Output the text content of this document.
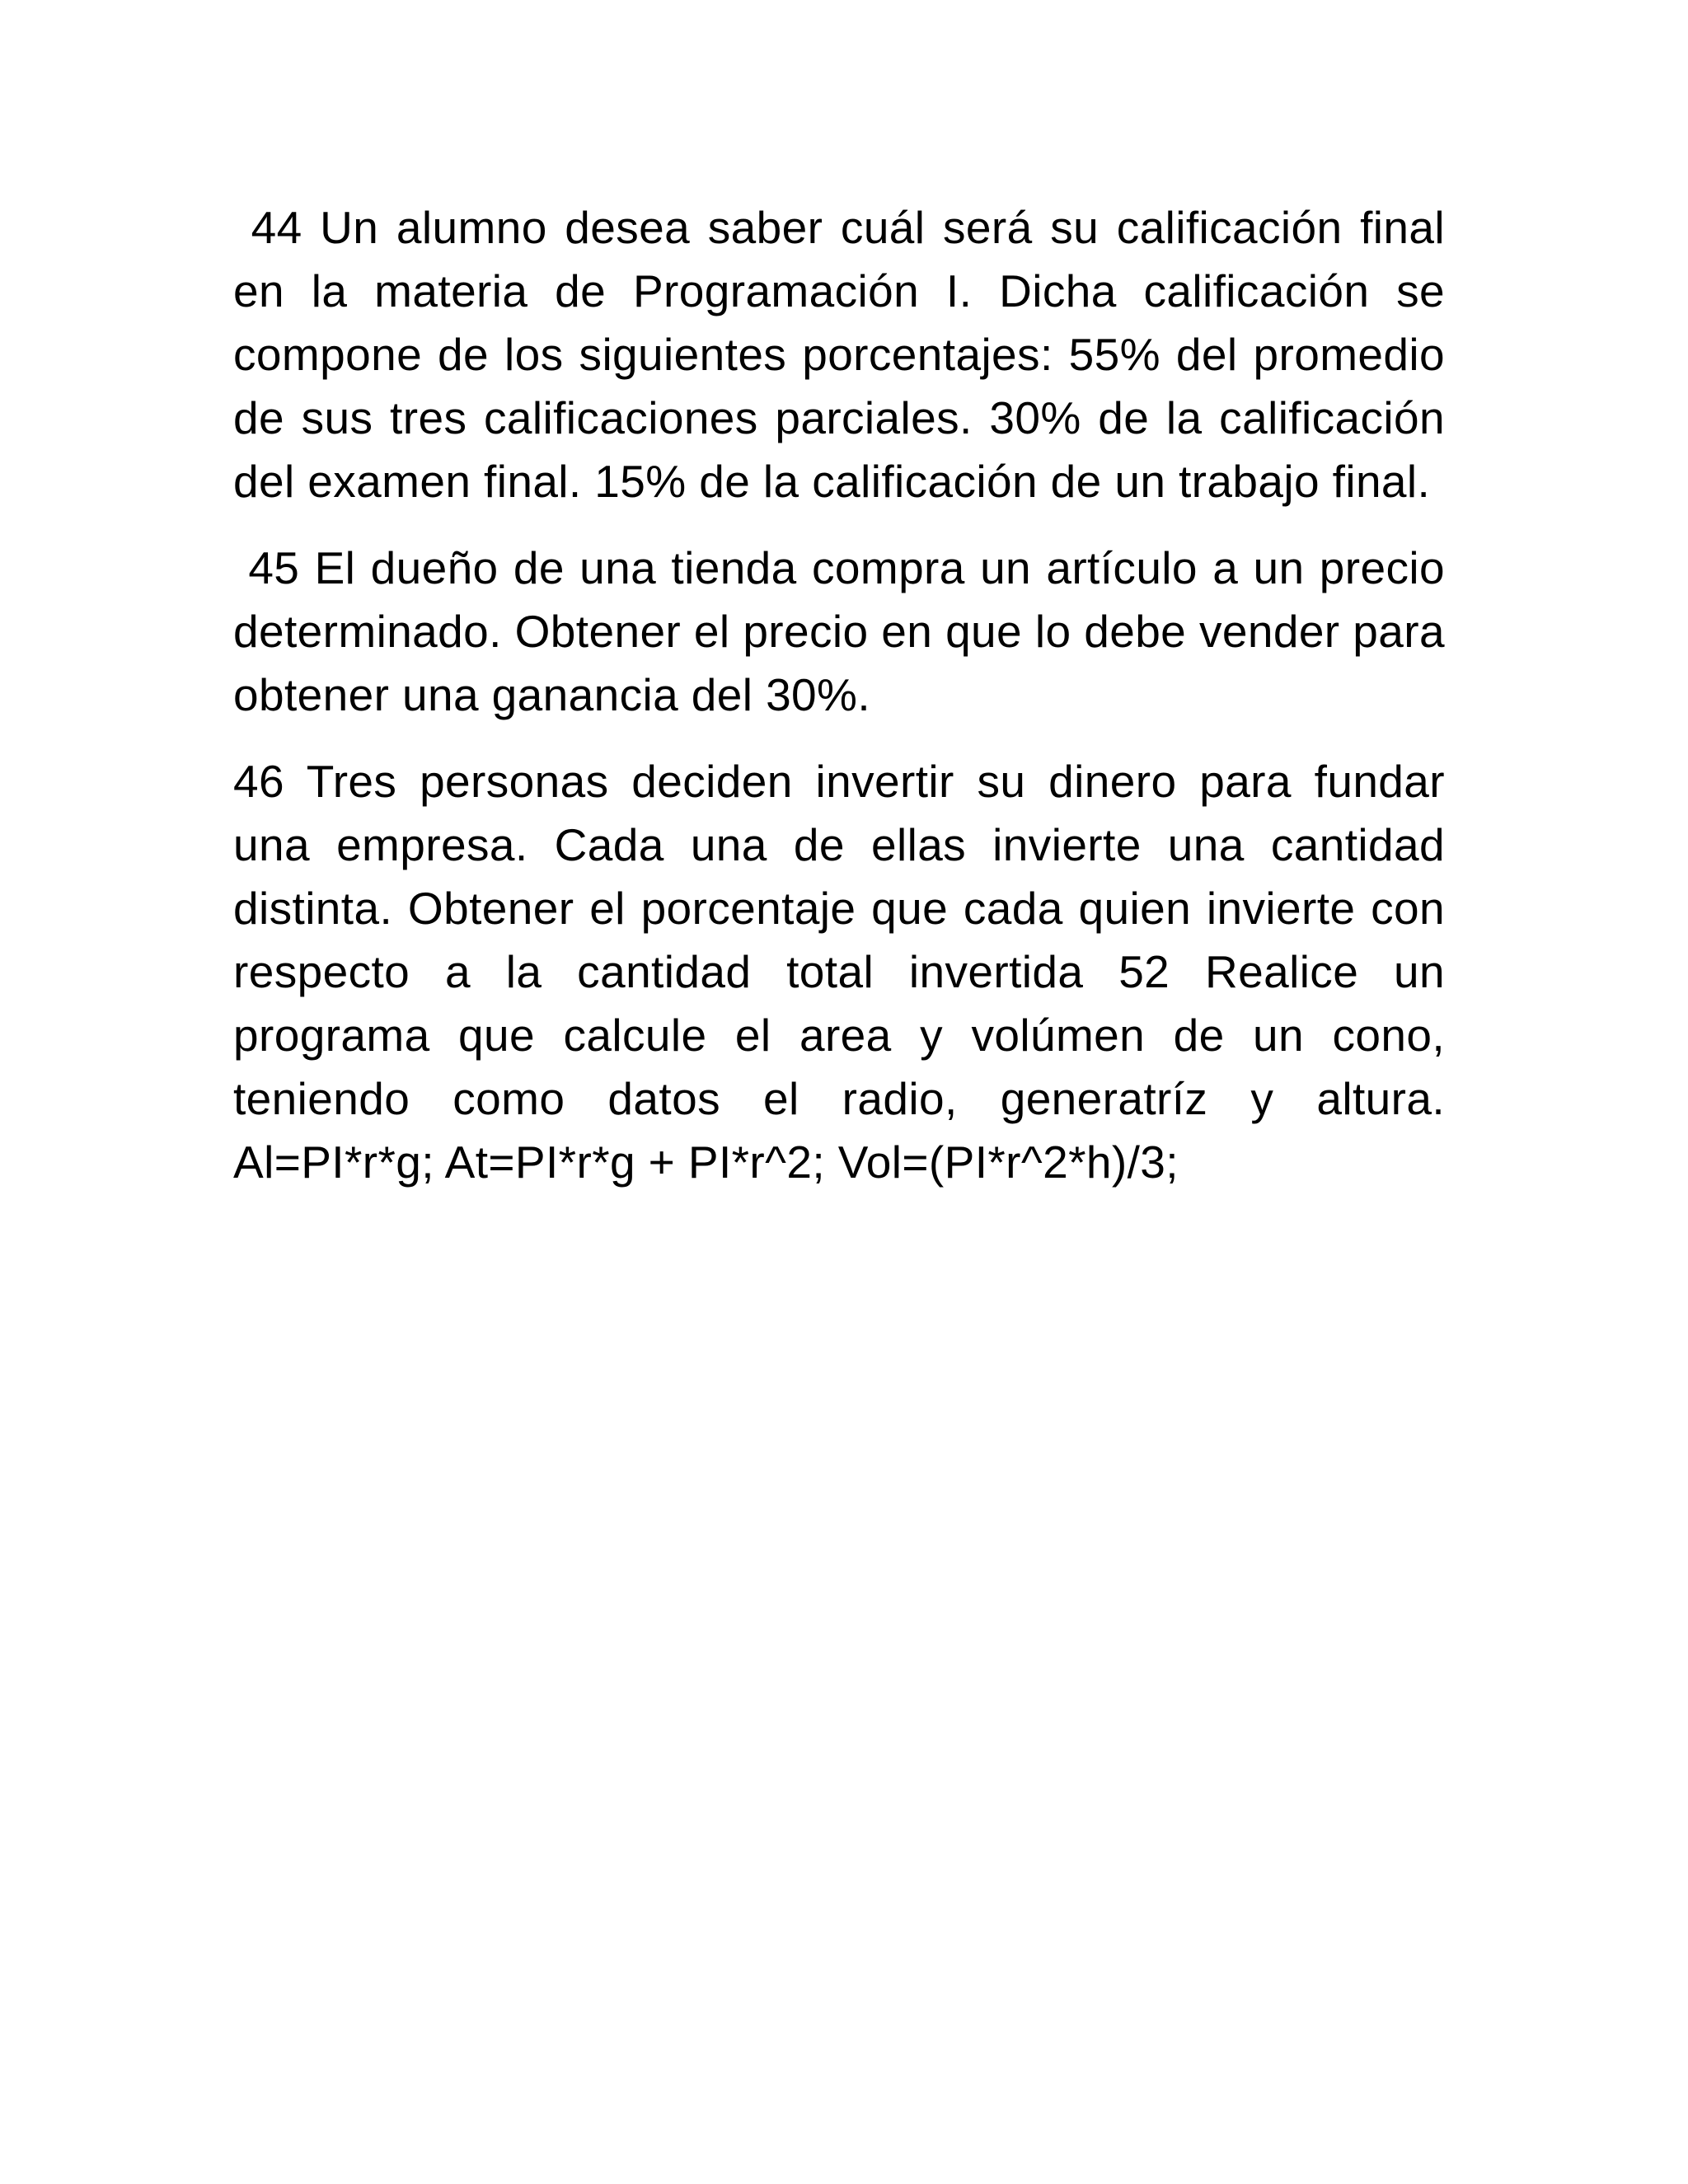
44 Un alumno desea saber cuál será su calificación final en la materia de Programación I. Dicha calificación se compone de los siguientes porcentajes: 55% del promedio de sus tres calificaciones parciales. 30% de la calificación del examen final. 15% de la calificación de un trabajo final.

45 El dueño de una tienda compra un artículo a un precio determinado. Obtener el precio en que lo debe vender para obtener una ganancia del 30%.

46 Tres personas deciden invertir su dinero para fundar una empresa. Cada una de ellas invierte una cantidad distinta. Obtener el porcentaje que cada quien invierte con respecto a la cantidad total invertida 52 Realice un programa que calcule el area y volúmen de un cono, teniendo como datos el radio, generatríz y altura. Al=PI*r*g; At=PI*r*g + PI*r^2; Vol=(PI*r^2*h)/3;
